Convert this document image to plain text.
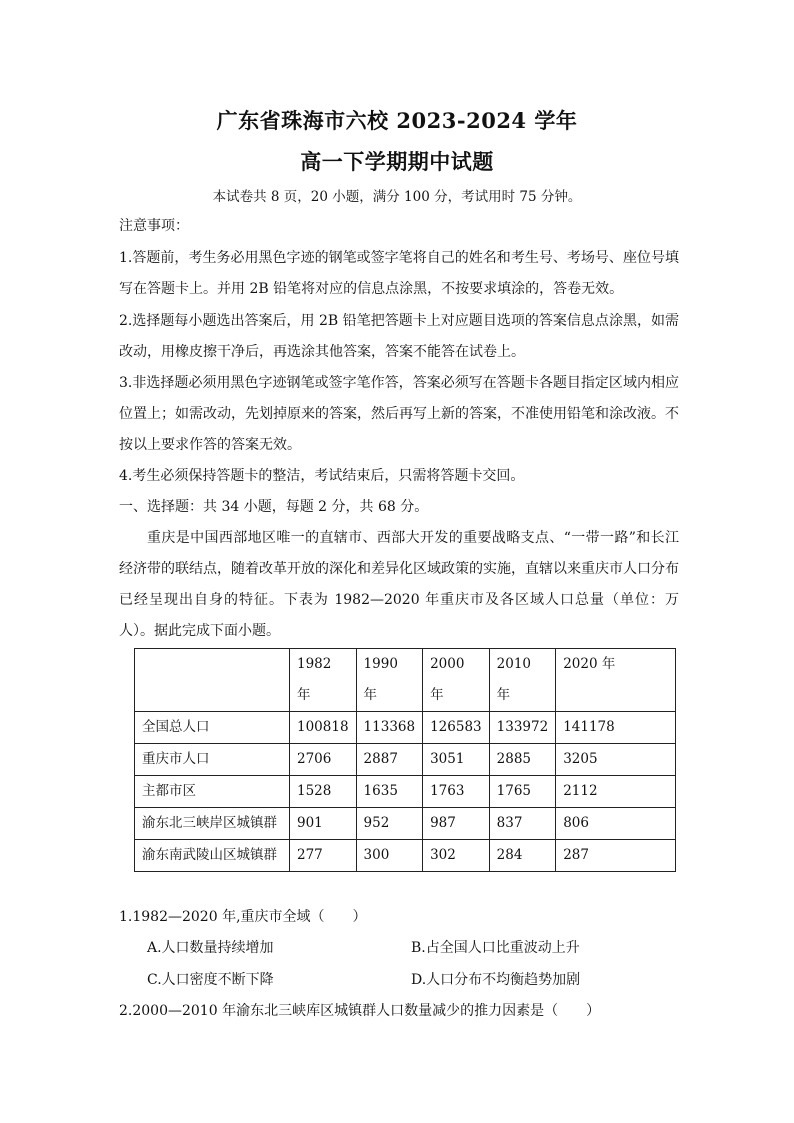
广东省珠海市六校 2023-2024 学年
高一下学期期中试题
本试卷共 8 页，20 小题，满分 100 分，考试用时 75 分钟。
注意事项：
1.答题前，考生务必用黑色字迹的钢笔或签字笔将自己的姓名和考生号、考场号、座位号填写在答题卡上。并用 2B 铅笔将对应的信息点涂黑，不按要求填涂的，答卷无效。
2.选择题每小题选出答案后，用 2B 铅笔把答题卡上对应题目选项的答案信息点涂黑，如需改动，用橡皮擦干净后，再选涂其他答案，答案不能答在试卷上。
3.非选择题必须用黑色字迹钢笔或签字笔作答，答案必须写在答题卡各题目指定区域内相应位置上；如需改动，先划掉原来的答案，然后再写上新的答案，不准使用铅笔和涂改液。不按以上要求作答的答案无效。
4.考生必须保持答题卡的整洁，考试结束后，只需将答题卡交回。
一、选择题：共 34 小题，每题 2 分，共 68 分。
重庆是中国西部地区唯一的直辖市、西部大开发的重要战略支点、“一带一路”和长江经济带的联结点，随着改革开放的深化和差异化区域政策的实施，直辖以来重庆市人口分布已经呈现出自身的特征。下表为 1982—2020 年重庆市及各区域人口总量（单位：万人）。据此完成下面小题。
	1982 年	1990 年	2000 年	2010 年	2020 年
全国总人口	100818	113368	126583	133972	141178
重庆市人口	2706	2887	3051	2885	3205
主都市区	1528	1635	1763	1765	2112
渝东北三峡岸区城镇群	901	952	987	837	806
渝东南武陵山区城镇群	277	300	302	284	287
1.1982—2020 年,重庆市全域（　　）
A.人口数量持续增加	B.占全国人口比重波动上升
C.人口密度不断下降	D.人口分布不均衡趋势加剧
2.2000—2010 年渝东北三峡库区城镇群人口数量减少的推力因素是（　　）
